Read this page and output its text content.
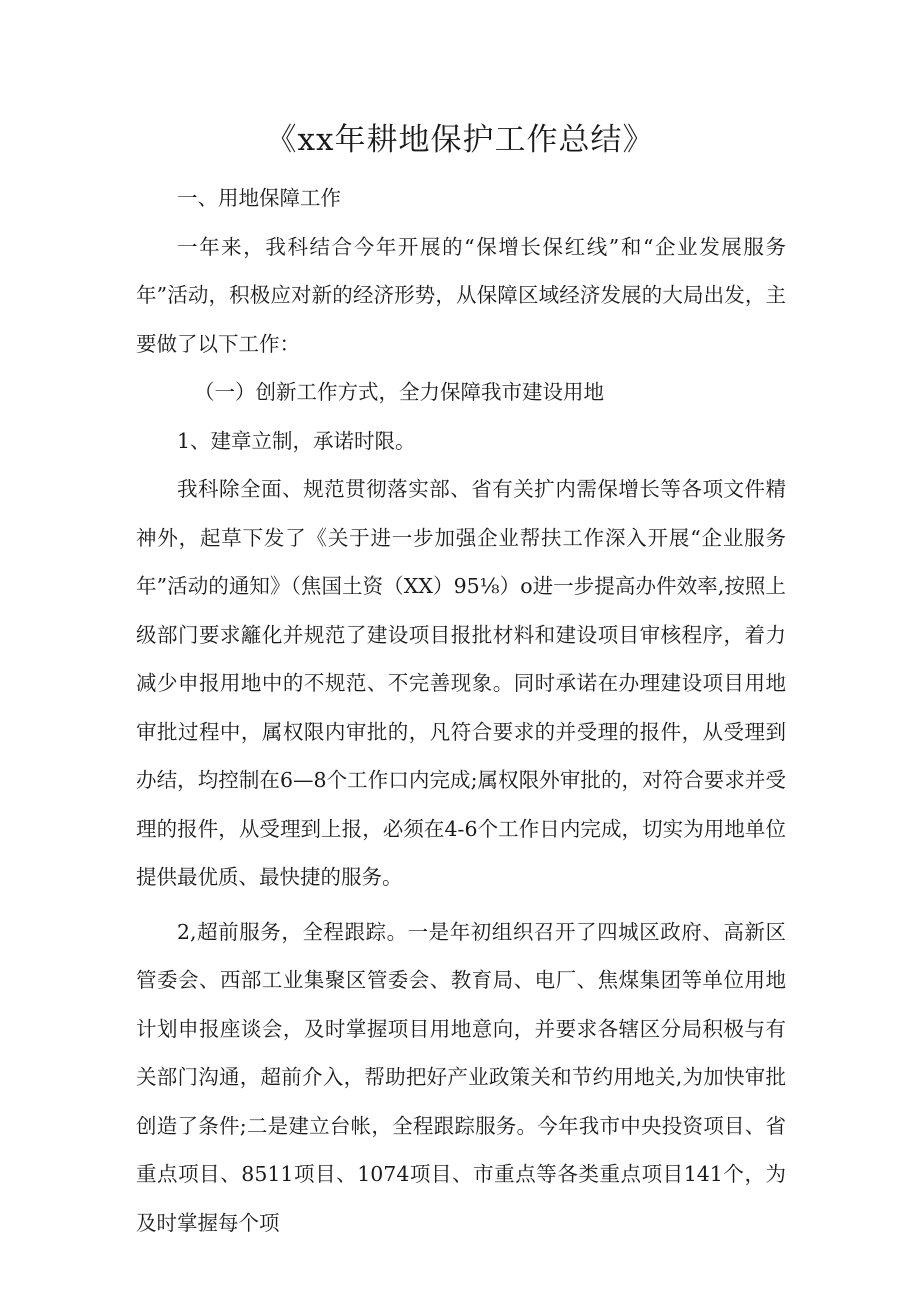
《xx年耕地保护工作总结》

一、用地保障工作

一年来，我科结合今年开展的“保增长保红线”和“企业发展服务年”活动，积极应对新的经济形势，从保障区域经济发展的大局出发，主要做了以下工作：

（一）创新工作方式，全力保障我市建设用地

1、建章立制，承诺时限。

我科除全面、规范贯彻落实部、省有关扩内需保增长等各项文件精神外，起草下发了《关于进一步加强企业帮扶工作深入开展“企业服务年”活动的通知》（焦国土资（XX）95⅛）o进一步提高办件效率,按照上级部门要求籬化并规范了建设项目报批材料和建设项目审核程序，着力减少申报用地中的不规范、不完善现象。同时承诺在办理建设项目用地审批过程中，属权限内审批的，凡符合要求的并受理的报件，从受理到办结，均控制在6—8个工作口内完成;属权限外审批的，对符合要求并受理的报件，从受理到上报，必须在4-6个工作日内完成，切实为用地单位提供最优质、最快捷的服务。

2,超前服务，全程跟踪。一是年初组织召开了四城区政府、高新区管委会、西部工业集聚区管委会、教育局、电厂、焦煤集团等单位用地计划申报座谈会，及时掌握项目用地意向，并要求各辖区分局积极与有关部门沟通，超前介入，帮助把好产业政策关和节约用地关,为加快审批创造了条件;二是建立台帐，全程跟踪服务。今年我市中央投资项目、省重点项目、8511项目、1074项目、市重点等各类重点项目141个，为及时掌握每个项
